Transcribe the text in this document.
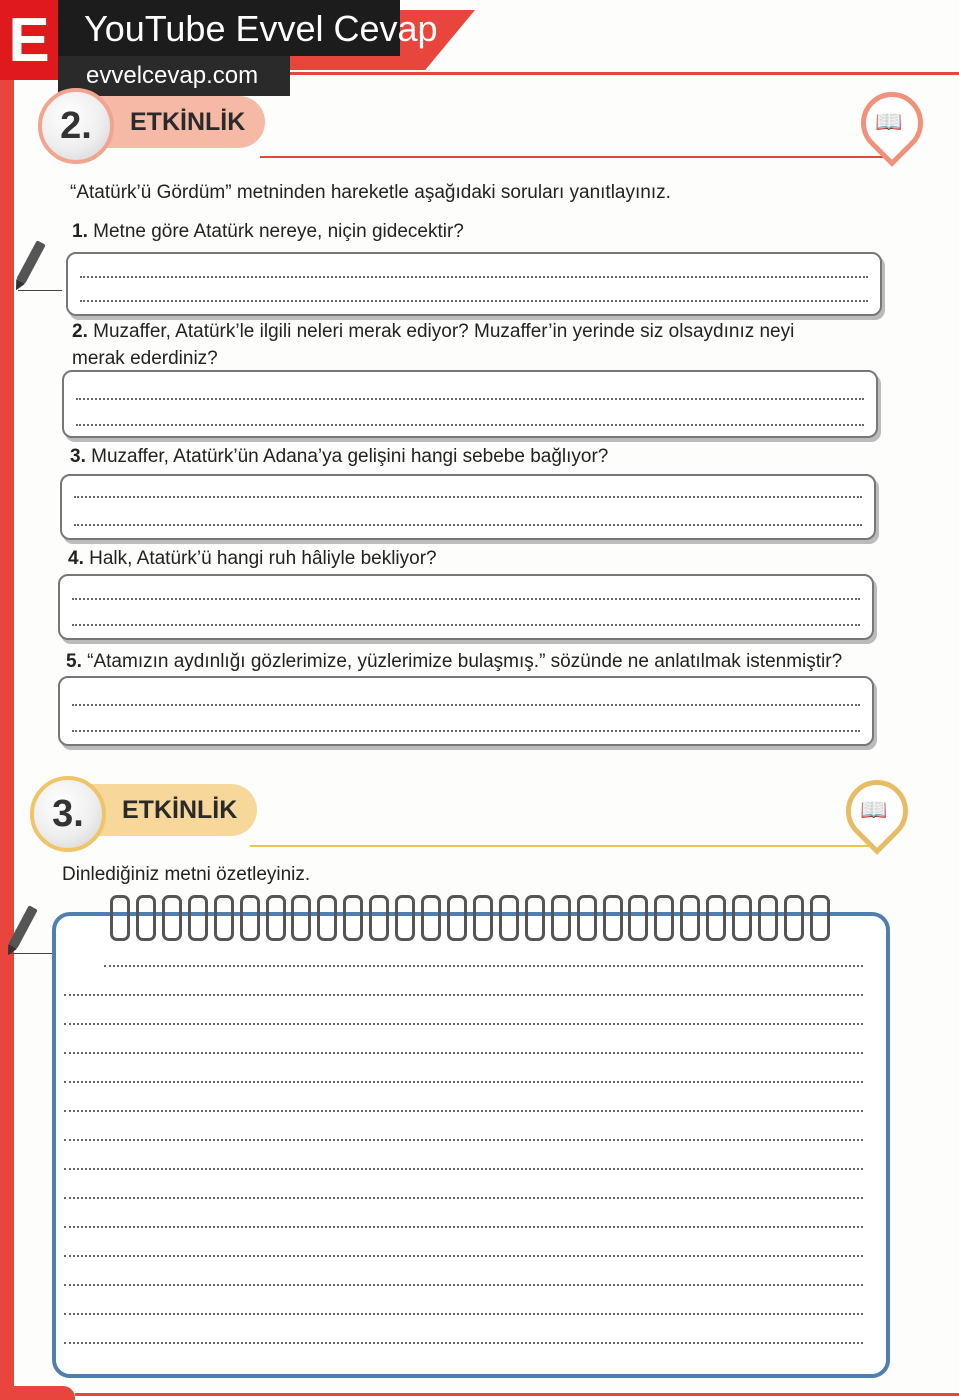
E YouTube Evvel Cevap
evvelcevap.com
ETKİNLİK
2.	📖
“Atatürk’ü Gördüm” metninden hareketle aşağıdaki soruları yanıtlayınız.
1. Metne göre Atatürk nereye, niçin gidecektir?
2. Muzaffer, Atatürk’le ilgili neleri merak ediyor? Muzaffer’in yerinde siz olsaydınız neyi merak ederdiniz?
3. Muzaffer, Atatürk’ün Adana’ya gelişini hangi sebebe bağlıyor?
4. Halk, Atatürk’ü hangi ruh hâliyle bekliyor?
5. “Atamızın aydınlığı gözlerimize, yüzlerimize bulaşmış.” sözünde ne anlatılmak istenmiştir?
ETKİNLİK
3.	📖
Dinlediğiniz metni özetleyiniz.
